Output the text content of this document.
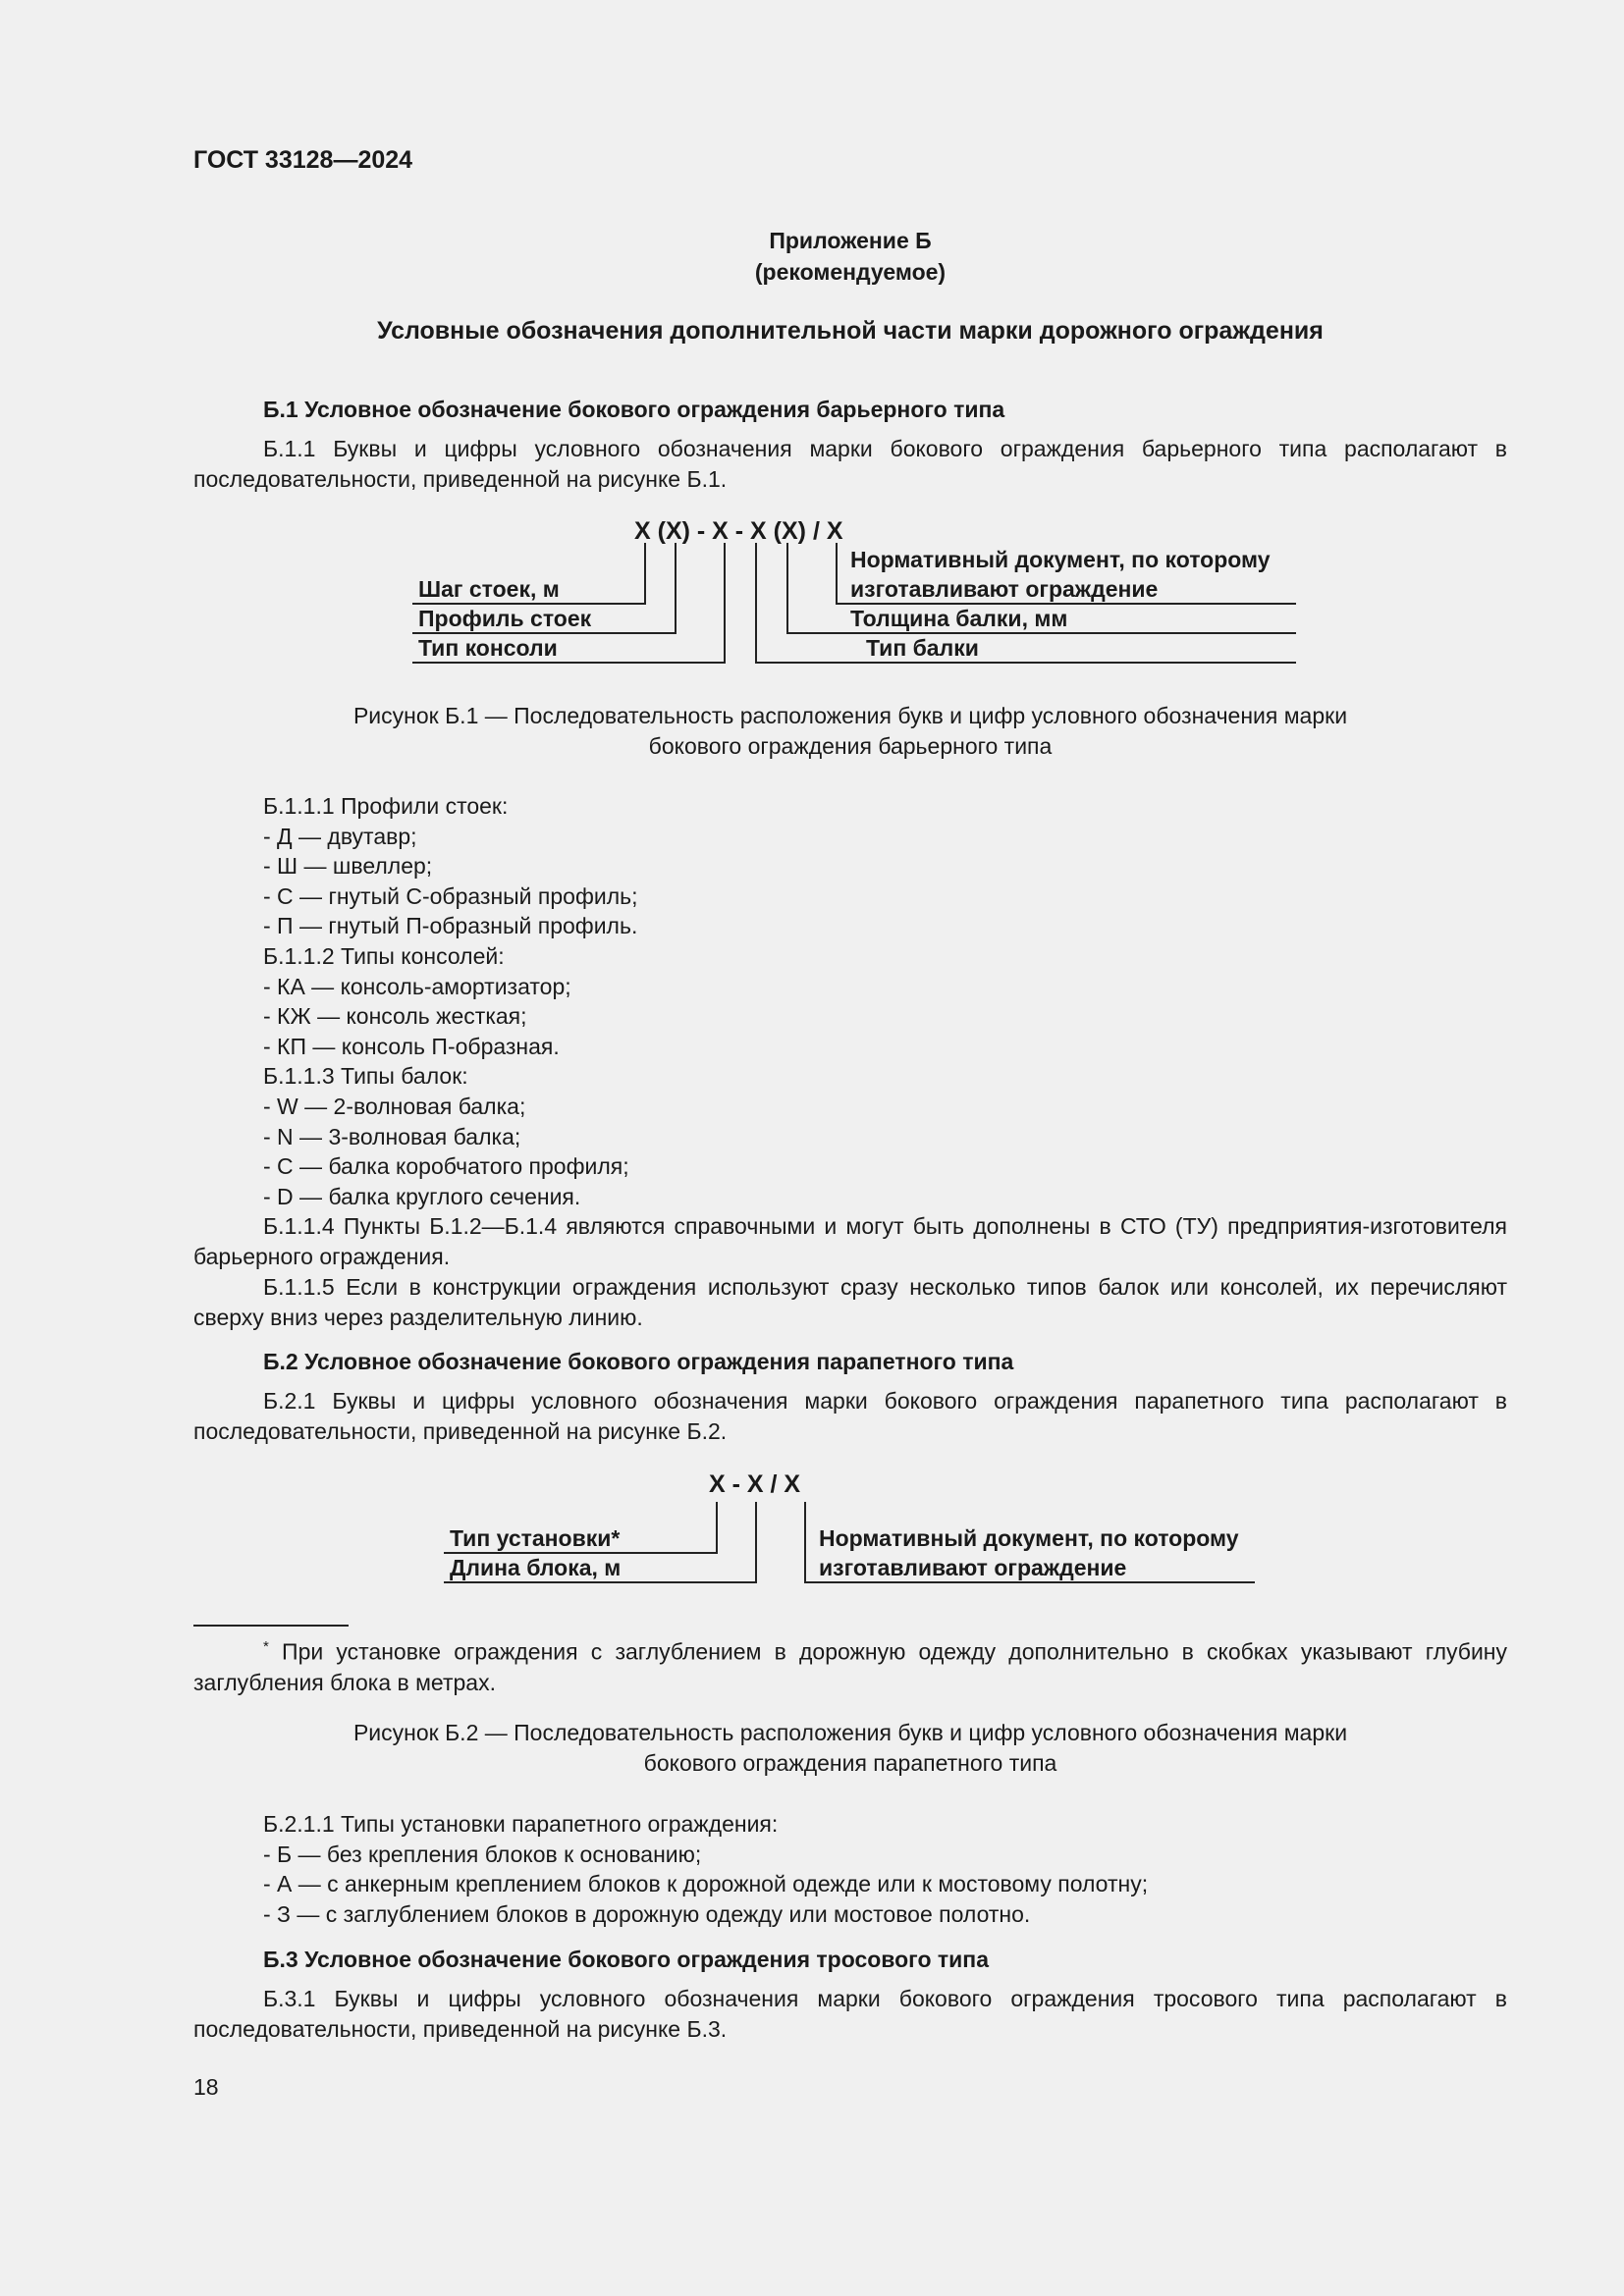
ГОСТ 33128—2024
Приложение Б
(рекомендуемое)
Условные обозначения дополнительной части марки дорожного ограждения
Б.1 Условное обозначение бокового ограждения барьерного типа
Б.1.1 Буквы и цифры условного обозначения марки бокового ограждения барьерного типа располагают в последовательности, приведенной на рисунке Б.1.
X (X) - X - X (X) / X
Шаг стоек, м
Профиль стоек
Тип консоли
Нормативный документ, по которому
изготавливают ограждение
Толщина балки, мм
Тип балки
Рисунок Б.1 — Последовательность расположения букв и цифр условного обозначения марки
бокового ограждения барьерного типа
Б.1.1.1 Профили стоек:
- Д — двутавр;
- Ш — швеллер;
- С — гнутый С-образный профиль;
- П — гнутый П-образный профиль.
Б.1.1.2 Типы консолей:
- КА — консоль-амортизатор;
- КЖ — консоль жесткая;
- КП — консоль П-образная.
Б.1.1.3 Типы балок:
- W — 2-волновая балка;
- N — 3-волновая балка;
- С — балка коробчатого профиля;
- D — балка круглого сечения.
Б.1.1.4 Пункты Б.1.2—Б.1.4 являются справочными и могут быть дополнены в СТО (ТУ) предприятия-изготовителя барьерного ограждения.
Б.1.1.5 Если в конструкции ограждения используют сразу несколько типов балок или консолей, их перечисляют сверху вниз через разделительную линию.
Б.2 Условное обозначение бокового ограждения парапетного типа
Б.2.1 Буквы и цифры условного обозначения марки бокового ограждения парапетного типа располагают в последовательности, приведенной на рисунке Б.2.
X - X / X
Тип установки*
Длина блока, м
Нормативный документ, по которому
изготавливают ограждение
* При установке ограждения с заглублением в дорожную одежду дополнительно в скобках указывают глубину заглубления блока в метрах.
Рисунок Б.2 — Последовательность расположения букв и цифр условного обозначения марки
бокового ограждения парапетного типа
Б.2.1.1 Типы установки парапетного ограждения:
- Б — без крепления блоков к основанию;
- А — с анкерным креплением блоков к дорожной одежде или к мостовому полотну;
- З — с заглублением блоков в дорожную одежду или мостовое полотно.
Б.3 Условное обозначение бокового ограждения тросового типа
Б.3.1 Буквы и цифры условного обозначения марки бокового ограждения тросового типа располагают в последовательности, приведенной на рисунке Б.3.
18
